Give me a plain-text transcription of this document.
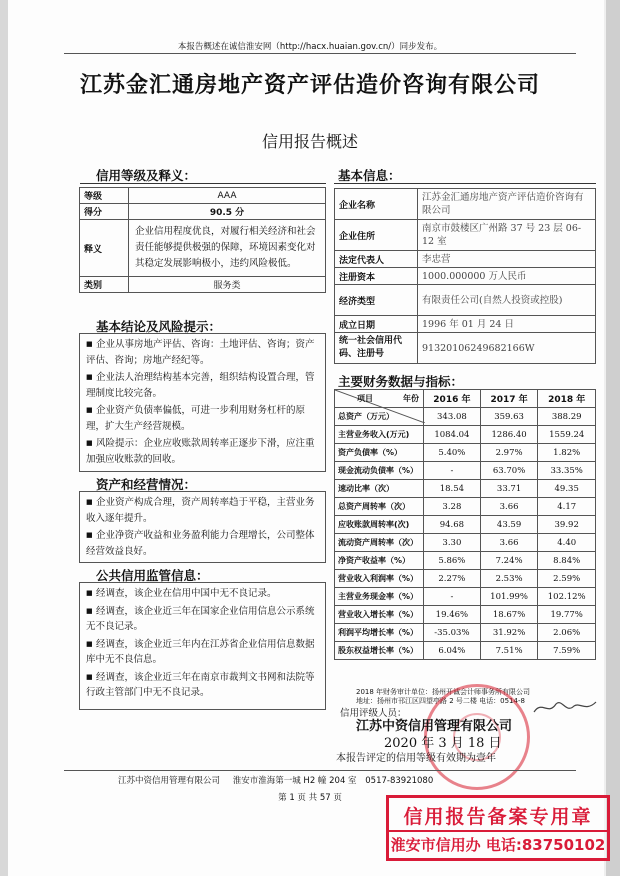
本报告概述在诚信淮安网（http://hacx.huaian.gov.cn/）同步发布。
江苏金汇通房地产资产评估造价咨询有限公司
信用报告概述
信用等级及释义：
等级	AAA
得分	90.5 分
释义	企业信用程度优良，对履行相关经济和社会责任能够提供极强的保障，环境因素变化对其稳定发展影响极小，违约风险极低。
类别	服务类
基本结论及风险提示：

■ 企业从事房地产评估、咨询：土地评估、咨询；资产评估、咨询；房地产经纪等。

■ 企业法人治理结构基本完善，组织结构设置合理，管理制度比较完备。

■ 企业资产负债率偏低，可进一步利用财务杠杆的原理，扩大生产经营规模。

■ 风险提示：企业应收账款周转率正逐步下滑，应注重加强应收账款的回收。

资产和经营情况：

■ 企业资产构成合理，资产周转率趋于平稳，主营业务收入逐年提升。

■ 企业净资产收益和业务盈利能力合理增长，公司整体经营效益良好。

公共信用监管信息：

■ 经调查，该企业在信用中国中无不良记录。

■ 经调查，该企业近三年在国家企业信用信息公示系统无不良记录。

■ 经调查，该企业近三年内在江苏省企业信用信息数据库中无不良信息。

■ 经调查，该企业近三年在南京市裁判文书网和法院等行政主管部门中无不良记录。

基本信息：
企业名称	江苏金汇通房地产资产评估造价咨询有限公司
企业住所	南京市鼓楼区广州路 37 号 23 层 06-12 室
法定代表人	李忠营
注册资本	1000.000000 万人民币
经济类型	有限责任公司(自然人投资或控股)
成立日期	1996 年 01 月 24 日
统一社会信用代码、注册号	91320106249682166W
主要财务数据与指标：
年份
项目	2016 年	2017 年	2018 年
总资产（万元）	343.08	359.63	388.29
主营业务收入(万元)	1084.04	1286.40	1559.24
资产负债率（%）	5.40%	2.97%	1.82%
现金流动负债率（%）	-	63.70%	33.35%
速动比率（次）	18.54	33.71	49.35
总资产周转率（次）	3.28	3.66	4.17
应收账款周转率(次)	94.68	43.59	39.92
流动资产周转率（次）	3.30	3.66	4.40
净资产收益率（%）	5.86%	7.24%	8.84%
营业收入利润率（%）	2.27%	2.53%	2.59%
主营业务现金率（%）	-	101.99%	102.12%
营业收入增长率（%）	19.46%	18.67%	19.77%
利润平均增长率（%）	-35.03%	31.92%	2.06%
股东权益增长率（%）	6.04%	7.51%	7.59%
2018 年财务审计单位：扬州开诚会计师事务所有限公司
地址：扬州市邗江区四望亭路 2 号二楼 电话：0514-8
信用评级人员：
江苏中资信用管理有限公司
2020 年 3 月 18 日
本报告评定的信用等级有效期为壹年
江苏中资信用管理有限公司 淮安市淮海第一城 H2 幢 204 室 0517-83921080
第 1 页 共 57 页
信用报告备案专用章
淮安市信用办 电话:83750102
